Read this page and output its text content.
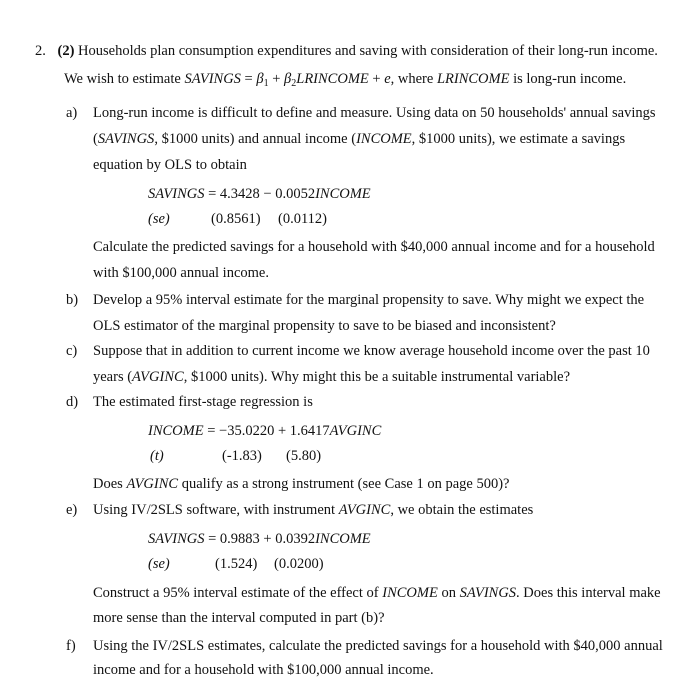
2. (2) Households plan consumption expenditures and saving with consideration of their long-run income.
We wish to estimate SAVINGS = $\beta_1$ + $\beta_2LRINCOME + e$, where LRINCOME is long-run income.
a) Long-run income is difficult to define and measure. Using data on 50 households' annual savings
(SAVINGS, $1000 units) and annual income (INCOME, $1000 units), we estimate a savings
equation by OLS to obtain
SAVINGS = 4.3428 − 0.0052INCOME
(se)	(0.8561) (0.0112)
Calculate the predicted savings for a household with $40,000 annual income and for a household
with $100,000 annual income.
b) Develop a 95% interval estimate for the marginal propensity to save. Why might we expect the
OLS estimator of the marginal propensity to save to be biased and inconsistent?
c) Suppose that in addition to current income we know average household income over the past 10
years (AVGINC, $1000 units). Why might this be a suitable instrumental variable?
d) The estimated first-stage regression is
INCOME = −35.0220 + 1.6417AVGINC
(t)	(-1.83) (5.80)
Does AVGINC qualify as a strong instrument (see Case 1 on page 500)?
e) Using IV/2SLS software, with instrument AVGINC, we obtain the estimates
SAVINGS = 0.9883 + 0.0392INCOME
(se)	(1.524) (0.0200)
Construct a 95% interval estimate of the effect of INCOME on SAVINGS. Does this interval make
more sense than the interval computed in part (b)?
f) Using the IV/2SLS estimates, calculate the predicted savings for a household with $40,000 annual
income and for a household with $100,000 annual income.
